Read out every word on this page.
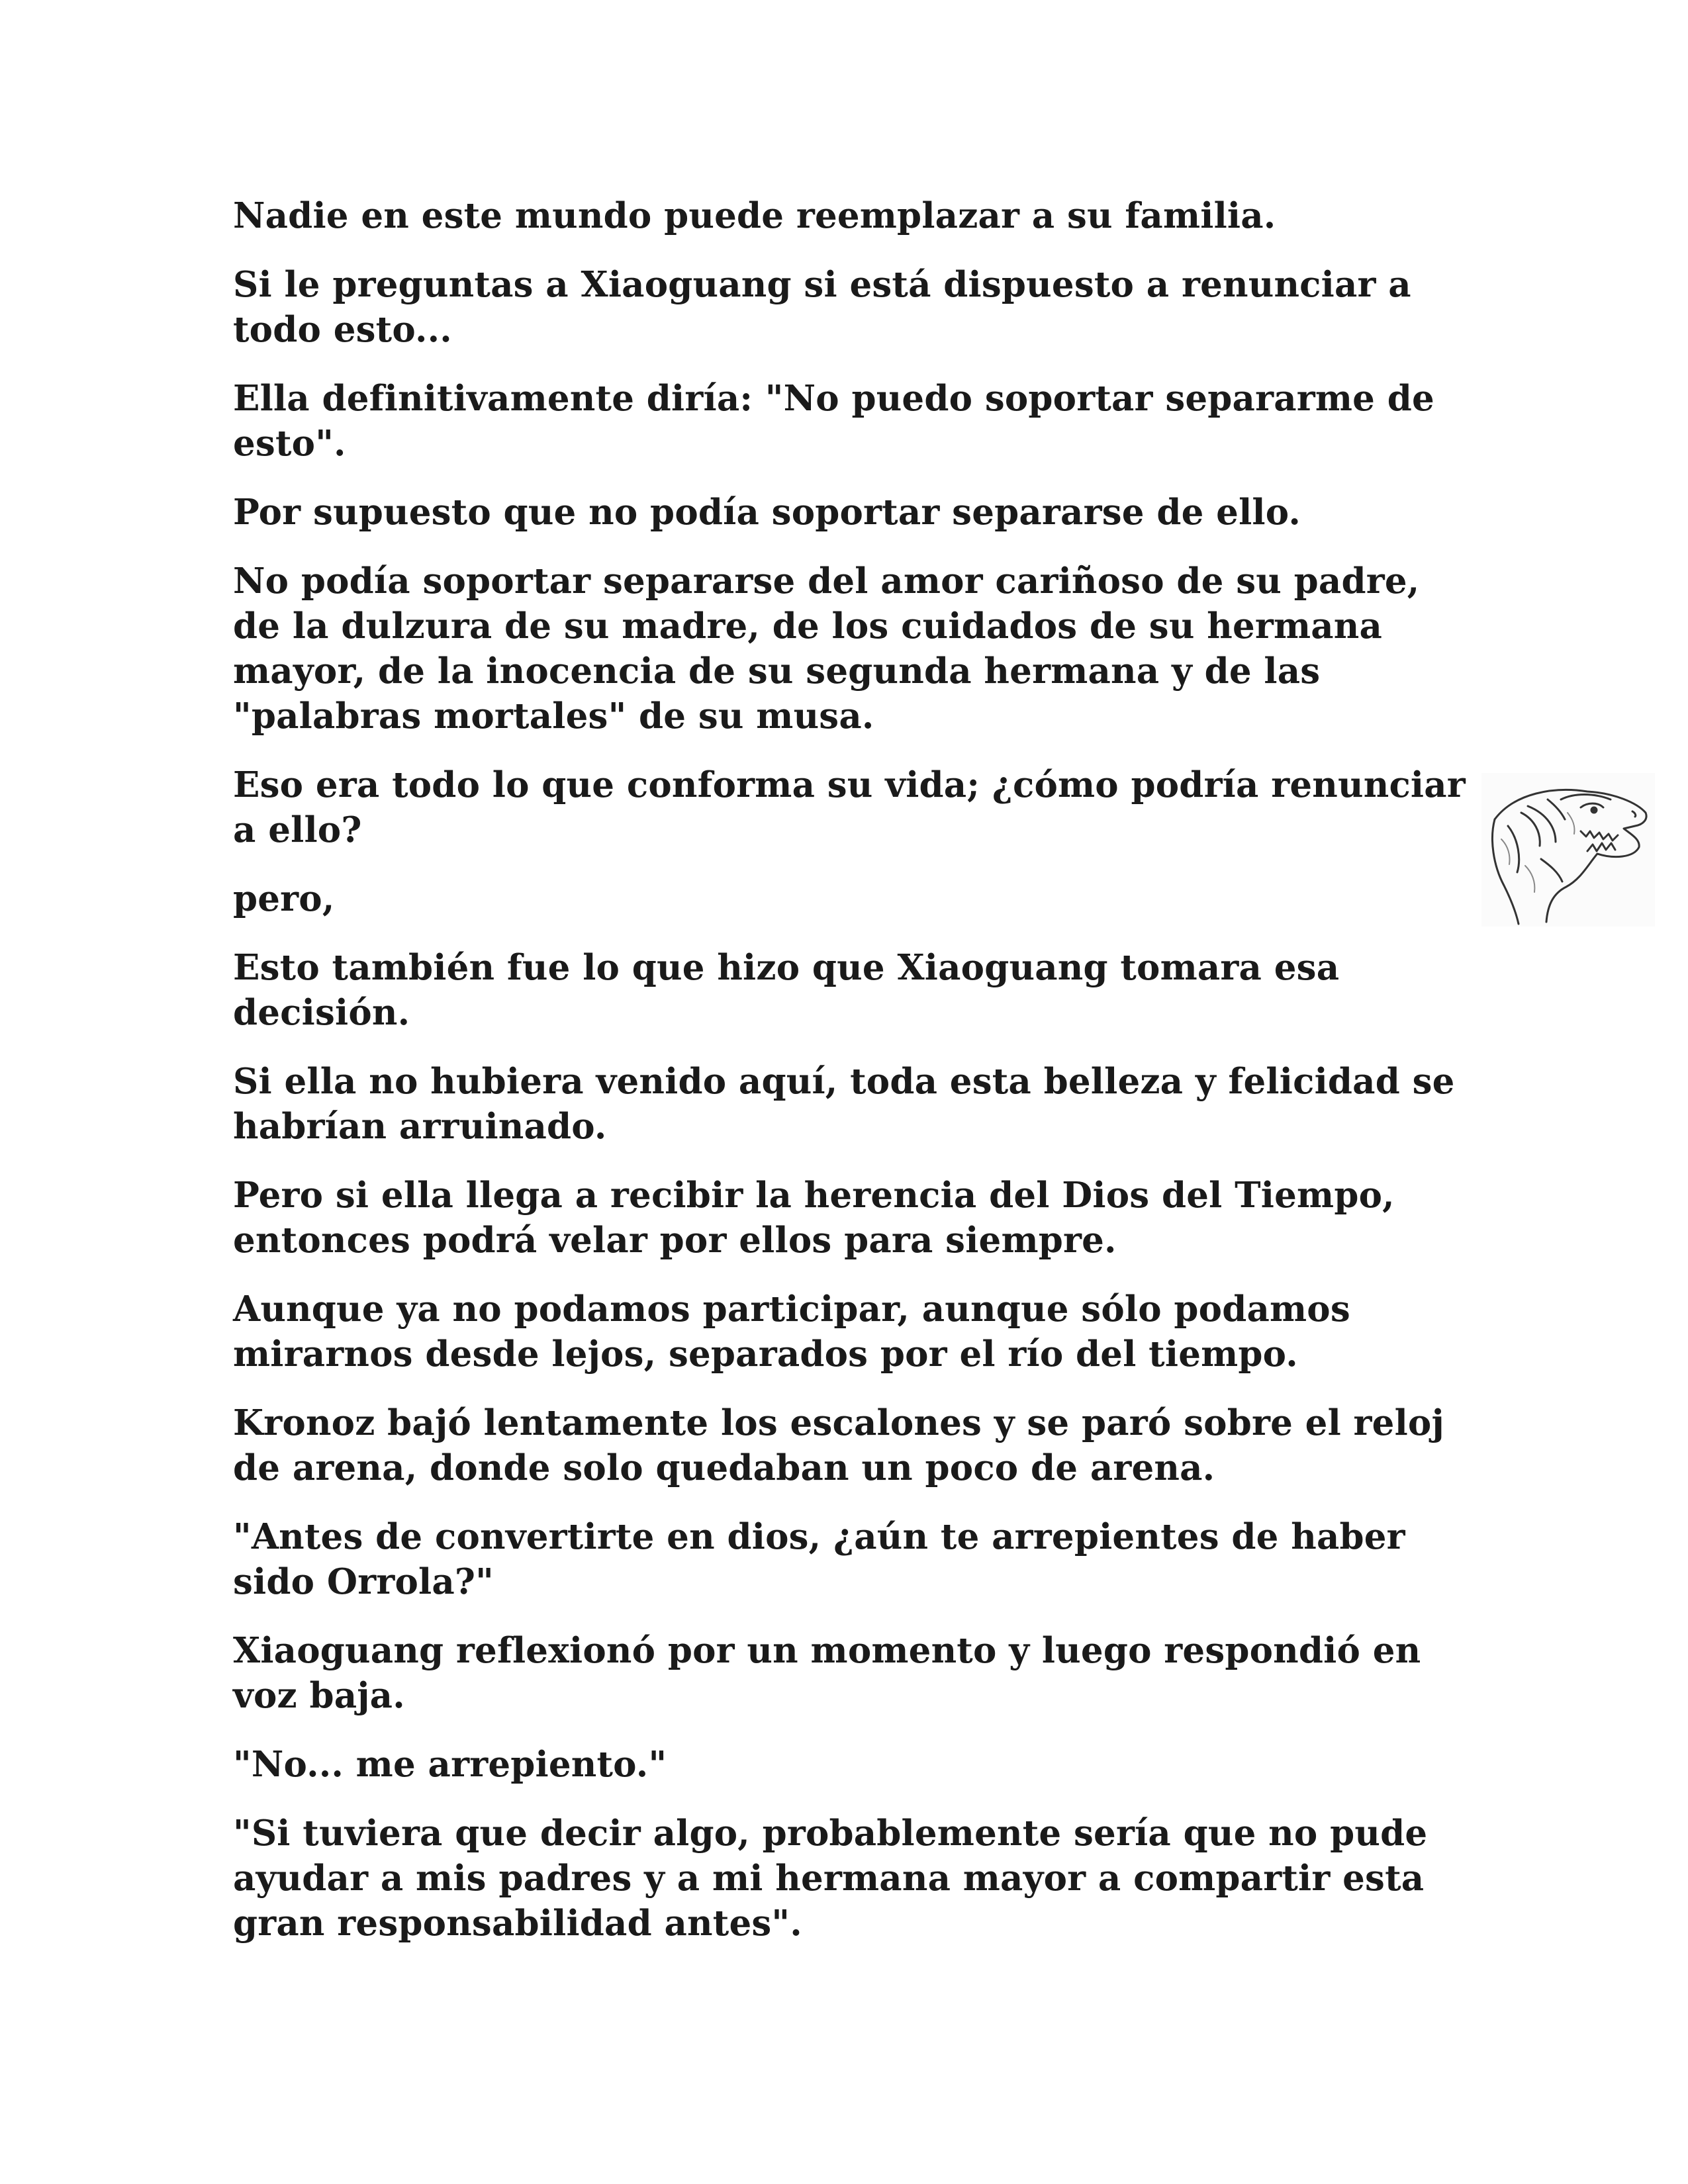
Nadie en este mundo puede reemplazar a su familia.

Si le preguntas a Xiaoguang si está dispuesto a renunciar a todo esto...

Ella definitivamente diría: "No puedo soportar separarme de esto".

Por supuesto que no podía soportar separarse de ello.

No podía soportar separarse del amor cariñoso de su padre, de la dulzura de su madre, de los cuidados de su hermana mayor, de la inocencia de su segunda hermana y de las "palabras mortales" de su musa.

Eso era todo lo que conforma su vida; ¿cómo podría renunciar a ello?

pero,

Esto también fue lo que hizo que Xiaoguang tomara esa decisión.

Si ella no hubiera venido aquí, toda esta belleza y felicidad se habrían arruinado.

Pero si ella llega a recibir la herencia del Dios del Tiempo, entonces podrá velar por ellos para siempre.

Aunque ya no podamos participar, aunque sólo podamos mirarnos desde lejos, separados por el río del tiempo.

Kronoz bajó lentamente los escalones y se paró sobre el reloj de arena, donde solo quedaban un poco de arena.

"Antes de convertirte en dios, ¿aún te arrepientes de haber sido Orrola?"

Xiaoguang reflexionó por un momento y luego respondió en voz baja.

"No... me arrepiento."

"Si tuviera que decir algo, probablemente sería que no pude ayudar a mis padres y a mi hermana mayor a compartir esta gran responsabilidad antes".
